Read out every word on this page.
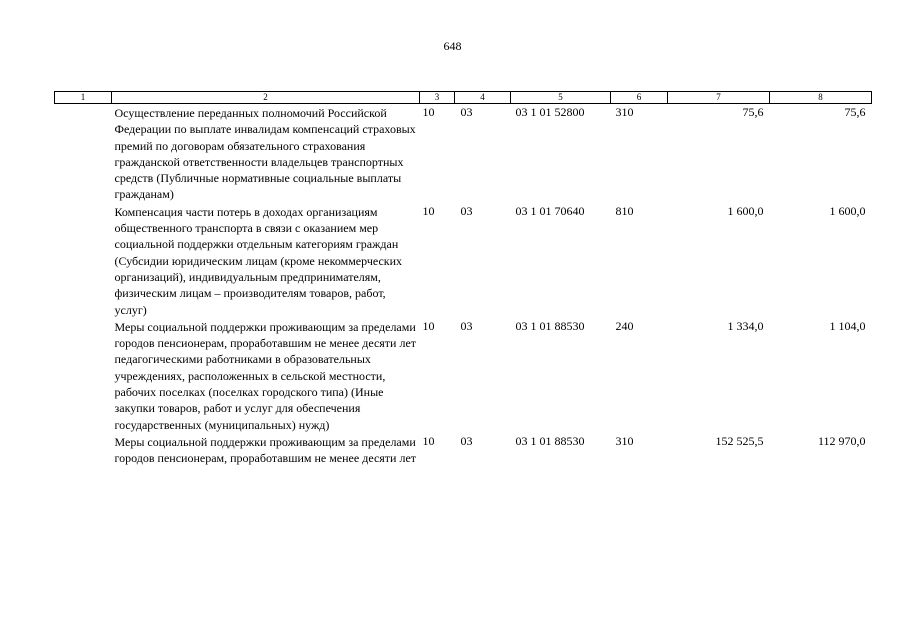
648
1	2	3	4	5	6	7	8
	Осуществление переданных полномочий Российской Федерации по выплате инвалидам компенсаций страховых премий по договорам обязательного страхования гражданской ответственности владельцев транспортных средств (Публичные нормативные социальные выплаты гражданам)	10	03	03 1 01 52800	310	75,6	75,6
	Компенсация части потерь в доходах организациям общественного транспорта в связи с оказанием мер социальной поддержки отдельным категориям граждан (Субсидии юридическим лицам (кроме некоммерческих организаций), индивидуальным предпринимателям, физическим лицам – производителям товаров, работ, услуг)	10	03	03 1 01 70640	810	1 600,0	1 600,0
	Меры социальной поддержки проживающим за пределами городов пенсионерам, проработавшим не менее десяти лет педагогическими работниками в образовательных учреждениях, расположенных в сельской местности, рабочих поселках (поселках городского типа) (Иные закупки товаров, работ и услуг для обеспечения государственных (муниципальных) нужд)	10	03	03 1 01 88530	240	1 334,0	1 104,0
	Меры социальной поддержки проживающим за пределами городов пенсионерам, проработавшим не менее десяти лет	10	03	03 1 01 88530	310	152 525,5	112 970,0
